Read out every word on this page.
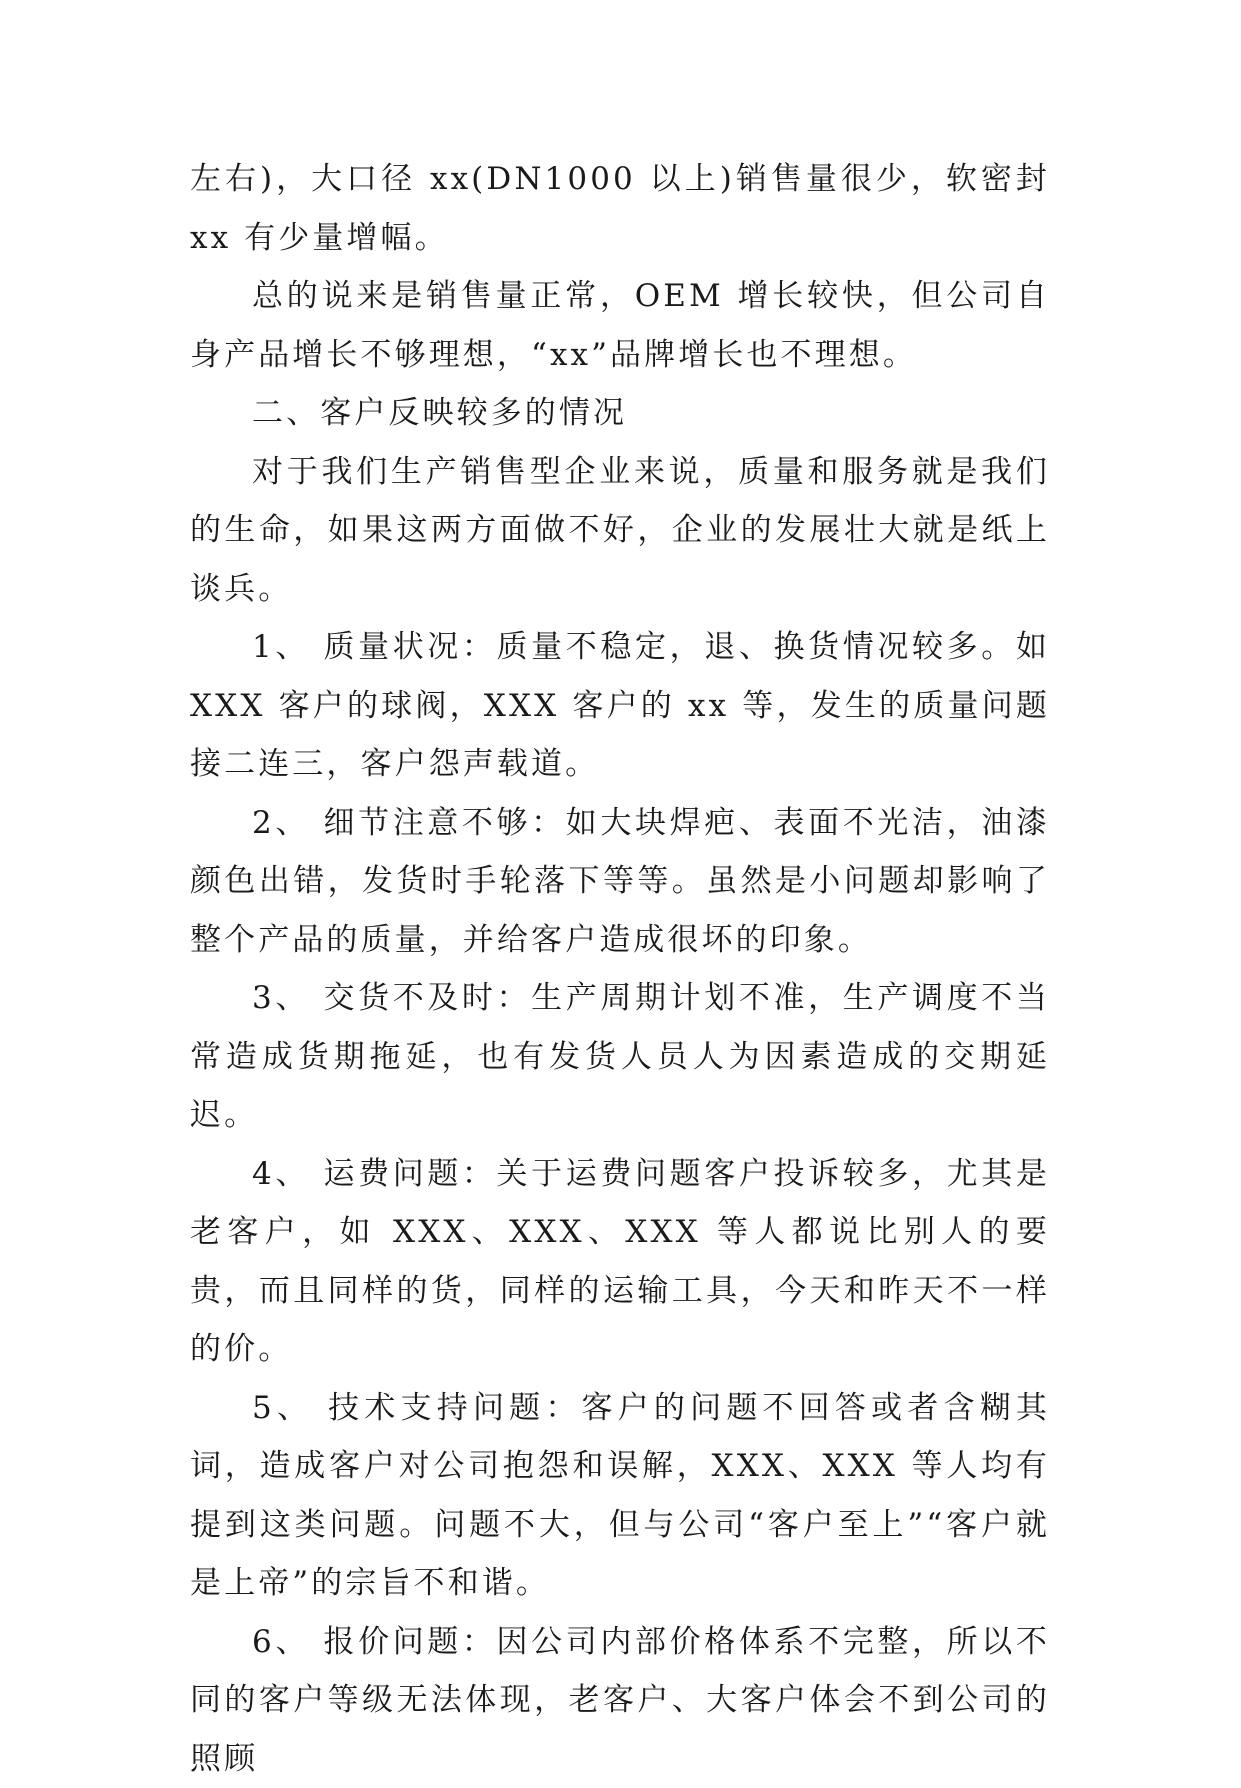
左右)，大口径 xx(DN1000 以上)销售量很少，软密封 xx 有少量增幅。

总的说来是销售量正常，OEM 增长较快，但公司自身产品增长不够理想，“xx”品牌增长也不理想。

二、客户反映较多的情况

对于我们生产销售型企业来说，质量和服务就是我们的生命，如果这两方面做不好，企业的发展壮大就是纸上谈兵。

1、 质量状况：质量不稳定，退、换货情况较多。如 XXX 客户的球阀，XXX 客户的 xx 等，发生的质量问题接二连三，客户怨声载道。

2、 细节注意不够：如大块焊疤、表面不光洁，油漆颜色出错，发货时手轮落下等等。虽然是小问题却影响了整个产品的质量，并给客户造成很坏的印象。

3、 交货不及时：生产周期计划不准，生产调度不当常造成货期拖延，也有发货人员人为因素造成的交期延迟。

4、 运费问题：关于运费问题客户投诉较多，尤其是老客户，如 XXX、XXX、XXX 等人都说比别人的要贵，而且同样的货，同样的运输工具，今天和昨天不一样的价。

5、 技术支持问题：客户的问题不回答或者含糊其词，造成客户对公司抱怨和误解，XXX、XXX 等人均有提到这类问题。问题不大，但与公司“客户至上”“客户就是上帝”的宗旨不和谐。

6、 报价问题：因公司内部价格体系不完整，所以不同的客户等级无法体现，老客户、大客户体会不到公司的照顾
